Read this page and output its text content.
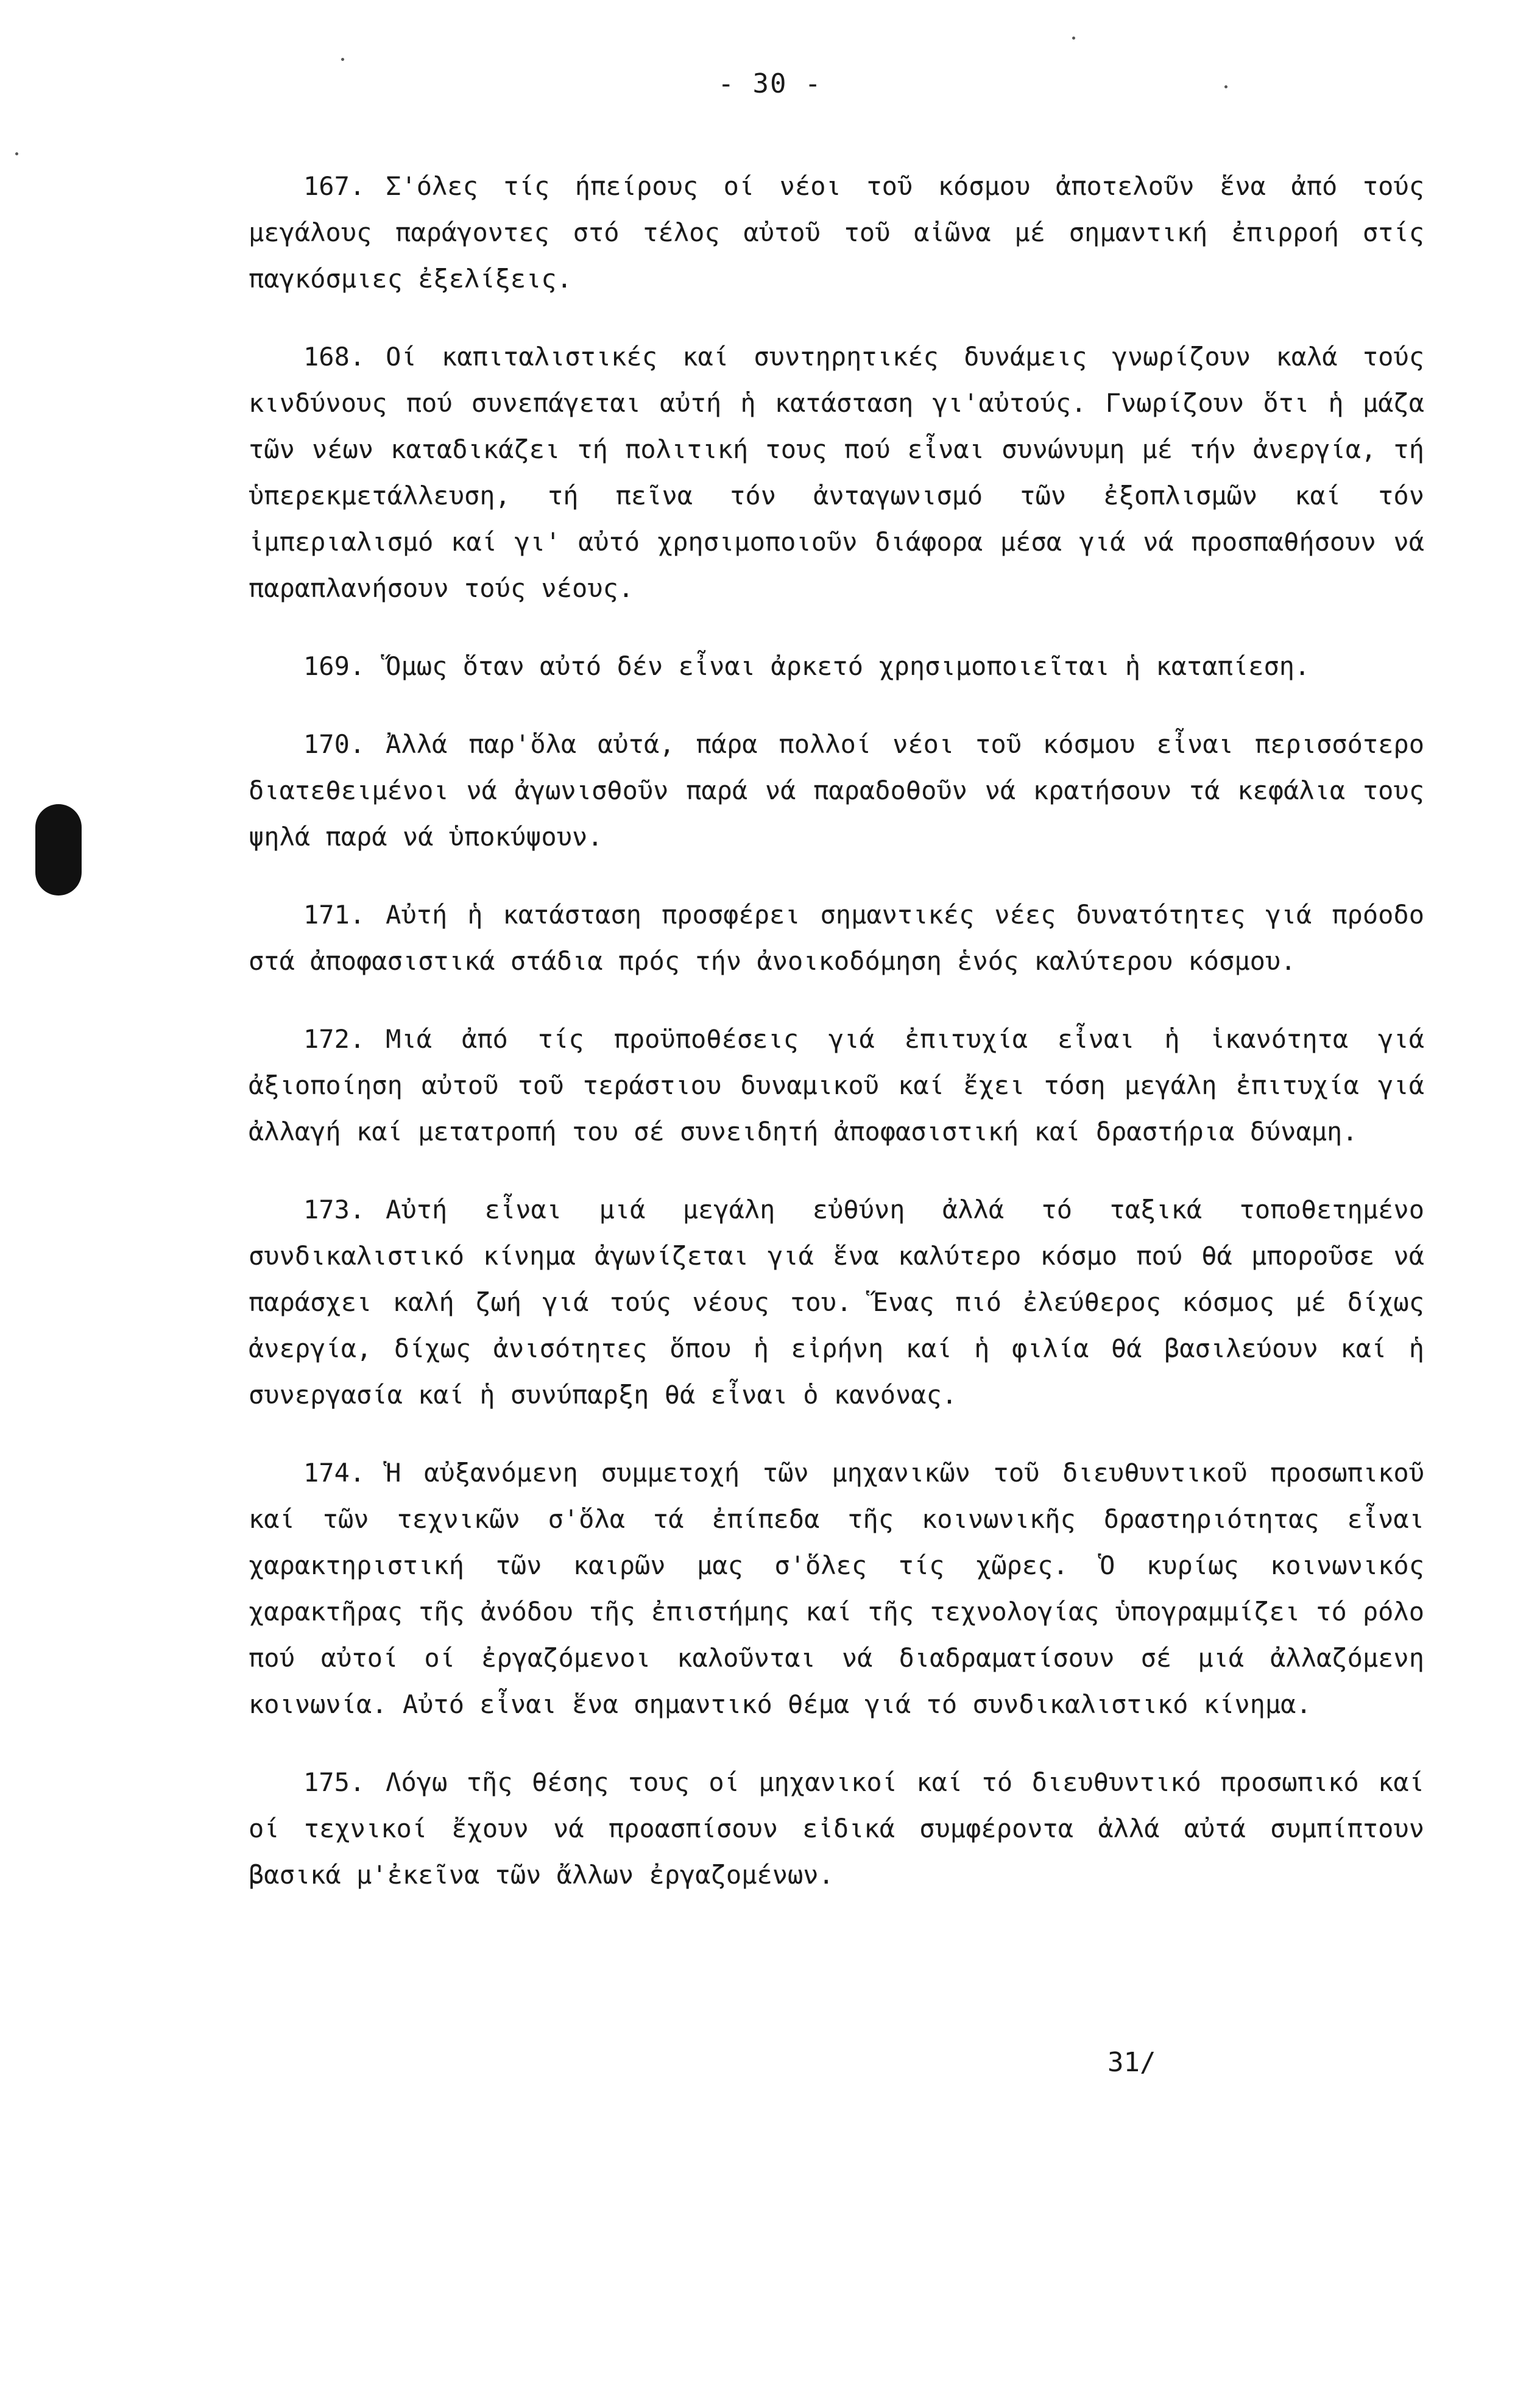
- 30 -

167. Σ'όλες τίς ήπείρους οί νέοι τοῦ κόσμου ἀποτελοῦν ἕνα ἀπό τούς μεγάλους παράγοντες στό τέλος αὐτοῦ τοῦ αἰῶνα μέ σημαντική ἐπιρροή στίς παγκόσμιες ἐξελίξεις.

168. Οί καπιταλιστικές καί συντηρητικές δυνάμεις γνωρίζουν καλά τούς κινδύνους πού συνεπάγεται αὐτή ἡ κατάσταση γι'αὐτούς. Γνωρίζουν ὅτι ἡ μάζα τῶν νέων καταδικάζει τή πολιτική τους πού εἶναι συνώνυμη μέ τήν ἀνεργία, τή ὑπερεκμετάλλευση, τή πεῖνα τόν ἀνταγωνισμό τῶν ἐξοπλισμῶν καί τόν ἰμπεριαλισμό καί γι' αὐτό χρησιμοποιοῦν διάφορα μέσα γιά νά προσπαθήσουν νά παραπλανήσουν τούς νέους.

169. Ὅμως ὅταν αὐτό δέν εἶναι ἀρκετό χρησιμοποιεῖται ἡ καταπίεση.

170. Ἀλλά παρ'ὅλα αὐτά, πάρα πολλοί νέοι τοῦ κόσμου εἶναι περισσότερο διατεθειμένοι νά ἀγωνισθοῦν παρά νά παραδοθοῦν νά κρατήσουν τά κεφάλια τους ψηλά παρά νά ὑποκύψουν.

171. Αὐτή ἡ κατάσταση προσφέρει σημαντικές νέες δυνατότητες γιά πρόοδο στά ἀποφασιστικά στάδια πρός τήν ἀνοικοδόμηση ἑνός καλύτερου κόσμου.

172. Μιά ἀπό τίς προϋποθέσεις γιά ἐπιτυχία εἶναι ἡ ἱκανότητα γιά ἀξιοποίηση αὐτοῦ τοῦ τεράστιου δυναμικοῦ καί ἔχει τόση μεγάλη ἐπιτυχία γιά ἀλλαγή καί μετατροπή του σέ συνειδητή ἀποφασιστική καί δραστήρια δύναμη.

173. Αὐτή εἶναι μιά μεγάλη εὐθύνη ἀλλά τό ταξικά τοποθετημένο συνδικαλιστικό κίνημα ἀγωνίζεται γιά ἕνα καλύτερο κόσμο πού θά μποροῦσε νά παράσχει καλή ζωή γιά τούς νέους του. Ἕνας πιό ἐλεύθερος κόσμος μέ δίχως ἀνεργία, δίχως ἀνισότητες ὅπου ἡ εἰρήνη καί ἡ φιλία θά βασιλεύουν καί ἡ συνεργασία καί ἡ συνύπαρξη θά εἶναι ὁ κανόνας.

174. Ἡ αὐξανόμενη συμμετοχή τῶν μηχανικῶν τοῦ διευθυντικοῦ προσωπικοῦ καί τῶν τεχνικῶν σ'ὅλα τά ἐπίπεδα τῆς κοινωνικῆς δραστηριότητας εἶναι χαρακτηριστική τῶν καιρῶν μας σ'ὅλες τίς χῶρες. Ὁ κυρίως κοινωνικός χαρακτῆρας τῆς ἀνόδου τῆς ἐπιστήμης καί τῆς τεχνολογίας ὑπογραμμίζει τό ρόλο πού αὐτοί οί ἐργαζόμενοι καλοῦνται νά διαδραματίσουν σέ μιά ἀλλαζόμενη κοινωνία. Αὐτό εἶναι ἕνα σημαντικό θέμα γιά τό συνδικαλιστικό κίνημα.

175. Λόγω τῆς θέσης τους οί μηχανικοί καί τό διευθυντικό προσωπικό καί οί τεχνικοί ἔχουν νά προασπίσουν εἰδικά συμφέροντα ἀλλά αὐτά συμπίπτουν βασικά μ'ἐκεῖνα τῶν ἄλλων ἐργαζομένων.

31/
